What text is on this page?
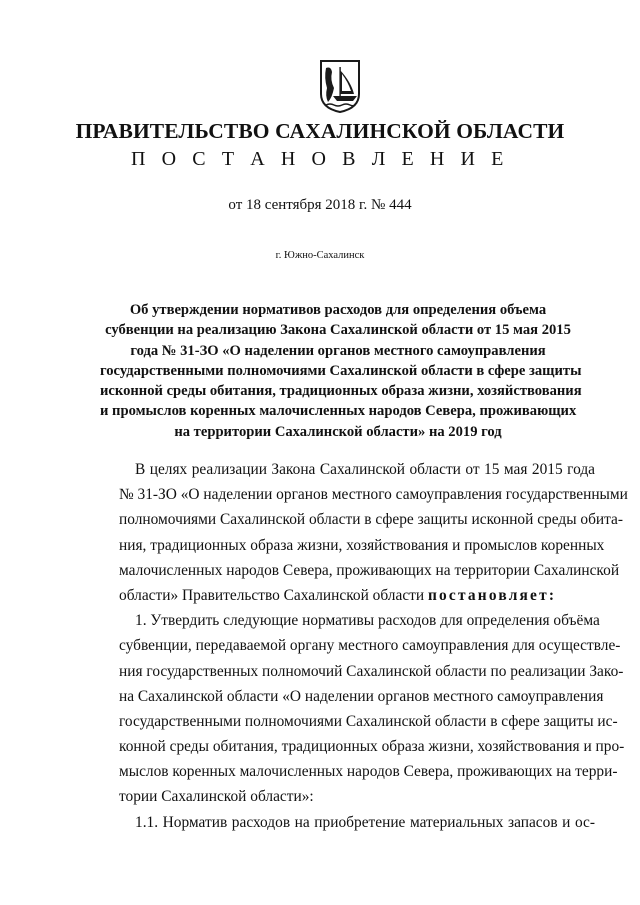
ПРАВИТЕЛЬСТВО САХАЛИНСКОЙ ОБЛАСТИ
П О С Т А Н О В Л Е Н И Е
от 18 сентября 2018 г. № 444
г. Южно-Сахалинск
Об утверждении нормативов расходов для определения объема
субвенции на реализацию Закона Сахалинской области от 15 мая 2015
года № 31-ЗО «О наделении органов местного самоуправления
государственными полномочиями Сахалинской области в сфере защиты
исконной среды обитания, традиционных образа жизни, хозяйствования
и промыслов коренных малочисленных народов Севера, проживающих
на территории Сахалинской области» на 2019 год
В целях реализации Закона Сахалинской области от 15 мая 2015 года
№ 31-ЗО «О наделении органов местного самоуправления государственными
полномочиями Сахалинской области в сфере защиты исконной среды обита-
ния, традиционных образа жизни, хозяйствования и промыслов коренных
малочисленных народов Севера, проживающих на территории Сахалинской
области» Правительство Сахалинской области постановляет:
1. Утвердить следующие нормативы расходов для определения объёма
субвенции, передаваемой органу местного самоуправления для осуществле-
ния государственных полномочий Сахалинской области по реализации Зако-
на Сахалинской области «О наделении органов местного самоуправления
государственными полномочиями Сахалинской области в сфере защиты ис-
конной среды обитания, традиционных образа жизни, хозяйствования и про-
мыслов коренных малочисленных народов Севера, проживающих на терри-
тории Сахалинской области»:
1.1. Норматив расходов на приобретение материальных запасов и ос-
